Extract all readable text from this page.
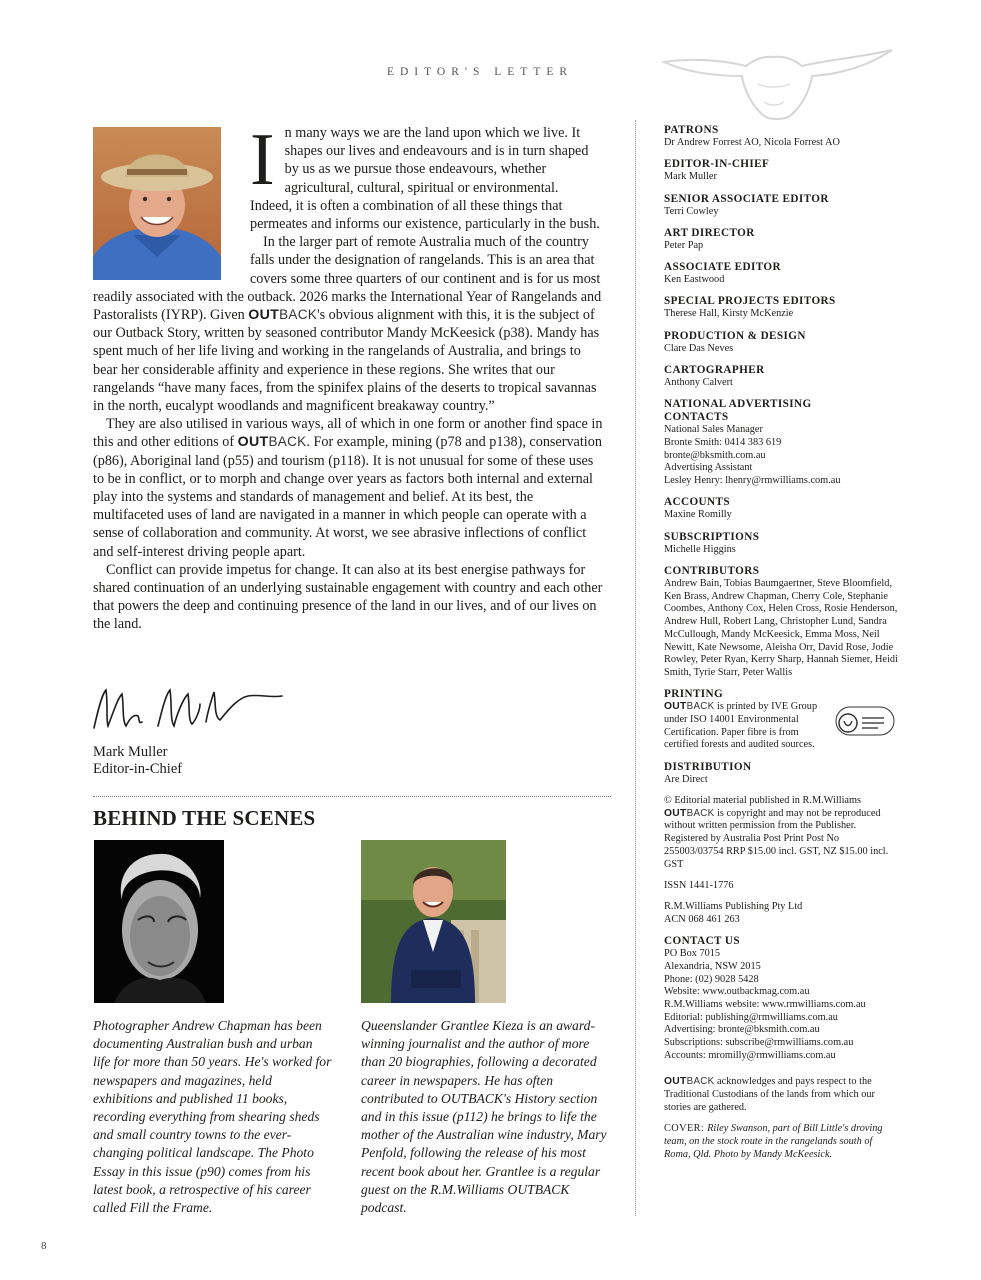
EDITOR'S LETTER

In many ways we are the land upon which we live. It shapes our lives and endeavours and is in turn shaped by us as we pursue those endeavours, whether agricultural, cultural, spiritual or environmental. Indeed, it is often a combination of all these things that permeates and informs our existence, particularly in the bush.

In the larger part of remote Australia much of the country falls under the designation of rangelands. This is an area that covers some three quarters of our continent and is for us most readily associated with the outback. 2026 marks the International Year of Rangelands and Pastoralists (IYRP). Given OUTBACK's obvious alignment with this, it is the subject of our Outback Story, written by seasoned contributor Mandy McKeesick (p38). Mandy has spent much of her life living and working in the rangelands of Australia, and brings to bear her considerable affinity and experience in these regions. She writes that our rangelands “have many faces, from the spinifex plains of the deserts to tropical savannas in the north, eucalypt woodlands and magnificent breakaway country.”

They are also utilised in various ways, all of which in one form or another find space in this and other editions of OUTBACK. For example, mining (p78 and p138), conservation (p86), Aboriginal land (p55) and tourism (p118). It is not unusual for some of these uses to be in conflict, or to morph and change over years as factors both internal and external play into the systems and standards of management and belief. At its best, the multifaceted uses of land are navigated in a manner in which people can operate with a sense of collaboration and community. At worst, we see abrasive inflections of conflict and self-interest driving people apart.

Conflict can provide impetus for change. It can also at its best energise pathways for shared continuation of an underlying sustainable engagement with country and each other that powers the deep and continuing presence of the land in our lives, and of our lives on the land.

Mark Muller
Editor-in-Chief
BEHIND THE SCENES
Photographer Andrew Chapman has been documenting Australian bush and urban life for more than 50 years. He's worked for newspapers and magazines, held exhibitions and published 11 books, recording everything from shearing sheds and small country towns to the ever-changing political landscape. The Photo Essay in this issue (p90) comes from his latest book, a retrospective of his career called Fill the Frame.
Queenslander Grantlee Kieza is an award-winning journalist and the author of more than 20 biographies, following a decorated career in newspapers. He has often contributed to OUTBACK's History section and in this issue (p112) he brings to life the mother of the Australian wine industry, Mary Penfold, following the release of his most recent book about her. Grantlee is a regular guest on the R.M.Williams OUTBACK podcast.
PATRONS
Dr Andrew Forrest AO, Nicola Forrest AO
EDITOR-IN-CHIEF
Mark Muller
SENIOR ASSOCIATE EDITOR
Terri Cowley
ART DIRECTOR
Peter Pap
ASSOCIATE EDITOR
Ken Eastwood
SPECIAL PROJECTS EDITORS
Therese Hall, Kirsty McKenzie
PRODUCTION & DESIGN
Clare Das Neves
CARTOGRAPHER
Anthony Calvert
NATIONAL ADVERTISING
CONTACTS
National Sales Manager
Bronte Smith: 0414 383 619
bronte@bksmith.com.au
Advertising Assistant
Lesley Henry: lhenry@rmwilliams.com.au
ACCOUNTS
Maxine Romilly
SUBSCRIPTIONS
Michelle Higgins
CONTRIBUTORS
Andrew Bain, Tobias Baumgaertner, Steve Bloomfield, Ken Brass, Andrew Chapman, Cherry Cole, Stephanie Coombes, Anthony Cox, Helen Cross, Rosie Henderson, Andrew Hull, Robert Lang, Christopher Lund, Sandra McCullough, Mandy McKeesick, Emma Moss, Neil Newitt, Kate Newsome, Aleisha Orr, David Rose, Jodie Rowley, Peter Ryan, Kerry Sharp, Hannah Siemer, Heidi Smith, Tyrie Starr, Peter Wallis
PRINTING
OUTBACK is printed by IVE Group under ISO 14001 Environmental Certification. Paper fibre is from certified forests and audited sources.
DISTRIBUTION
Are Direct
© Editorial material published in R.M.Williams OUTBACK is copyright and may not be reproduced without written permission from the Publisher. Registered by Australia Post Print Post No 255003/03754 RRP $15.00 incl. GST, NZ $15.00 incl. GST
ISSN 1441-1776
R.M.Williams Publishing Pty Ltd
ACN 068 461 263
CONTACT US
PO Box 7015
Alexandria, NSW 2015
Phone: (02) 9028 5428
Website: www.outbackmag.com.au
R.M.Williams website: www.rmwilliams.com.au
Editorial: publishing@rmwilliams.com.au
Advertising: bronte@bksmith.com.au
Subscriptions: subscribe@rmwilliams.com.au
Accounts: mromilly@rmwilliams.com.au
OUTBACK acknowledges and pays respect to the Traditional Custodians of the lands from which our stories are gathered.
COVER: Riley Swanson, part of Bill Little's droving team, on the stock route in the rangelands south of Roma, Qld. Photo by Mandy McKeesick.
8
